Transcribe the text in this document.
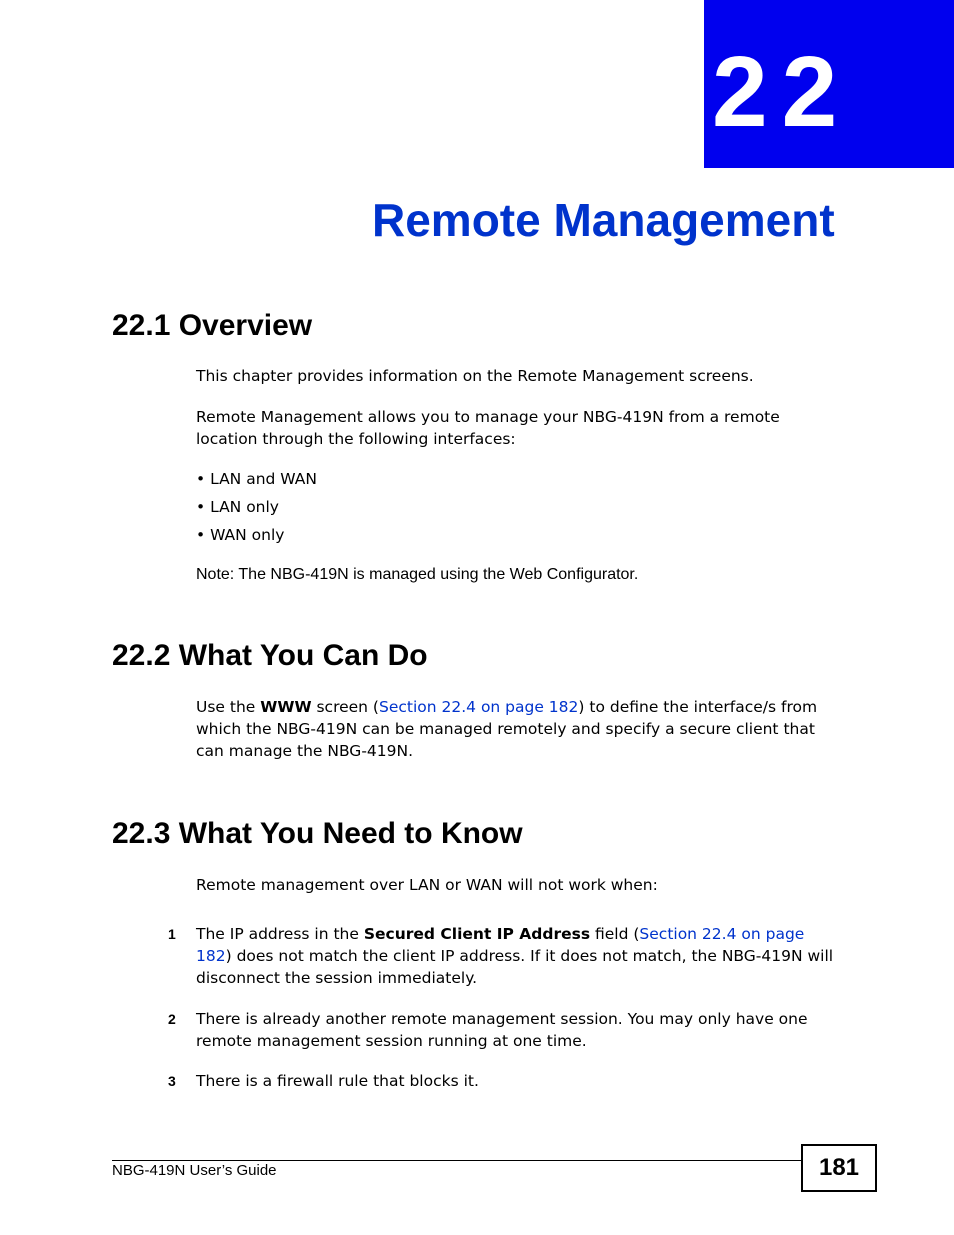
22
Remote Management
22.1 Overview
This chapter provides information on the Remote Management screens.
Remote Management allows you to manage your NBG-419N from a remote location through the following interfaces:
• LAN and WAN
• LAN only
• WAN only
Note: The NBG-419N is managed using the Web Configurator.
22.2 What You Can Do
Use the WWW screen (Section 22.4 on page 182) to define the interface/s from which the NBG-419N can be managed remotely and specify a secure client that can manage the NBG-419N.
22.3 What You Need to Know
Remote management over LAN or WAN will not work when:
1 The IP address in the Secured Client IP Address field (Section 22.4 on page 182) does not match the client IP address. If it does not match, the NBG-419N will disconnect the session immediately.
2 There is already another remote management session. You may only have one remote management session running at one time.
3 There is a firewall rule that blocks it.
NBG-419N User’s Guide	181
